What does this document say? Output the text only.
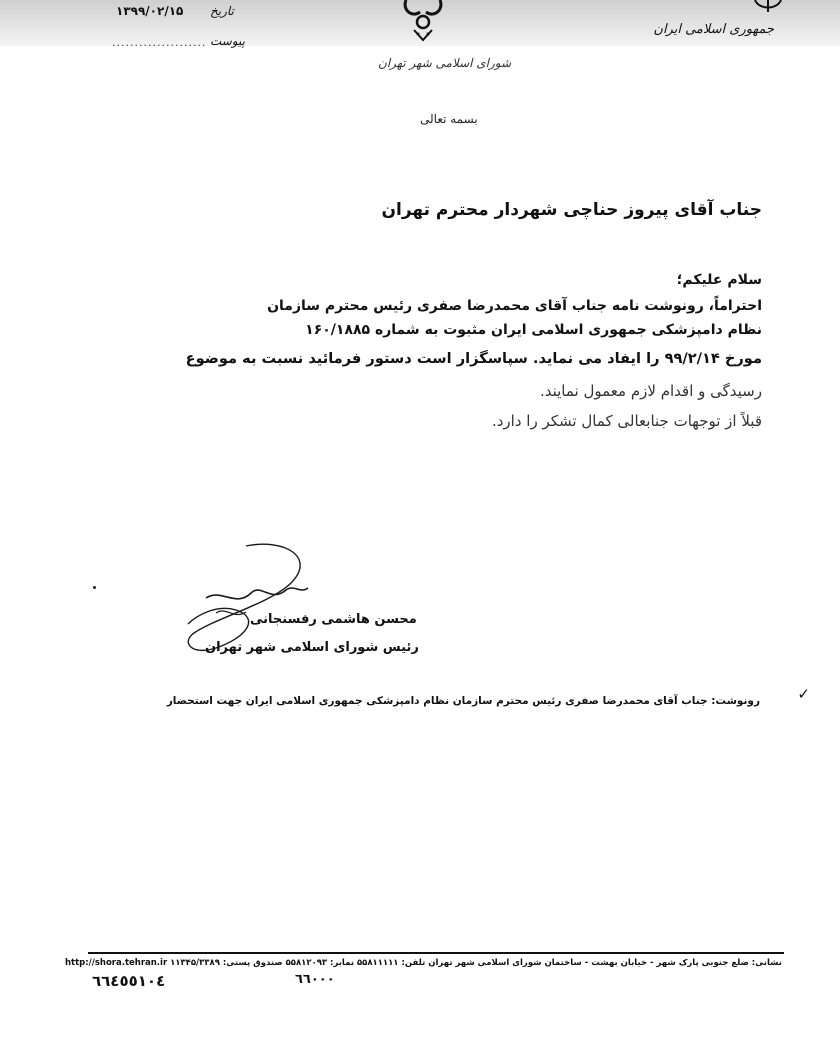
جمهوری اسلامی ایران
شورای اسلامی شهر تهران
تاریخ
۱۳۹۹/۰۲/۱۵
پیوست
.....................
بسمه تعالی
جناب آقای پیروز حناچی شهردار محترم تهران
سلام علیکم؛
احتراماً، رونوشت نامه جناب آقای محمدرضا صفری رئیس محترم سازمان
نظام دامپزشکی جمهوری اسلامی ایران مثبوت به شماره ۱۶۰/۱۸۸۵
مورخ ۹۹/۲/۱۴ را ایفاد می نماید. سپاسگزار است دستور فرمائید نسبت به موضوع
رسیدگی و اقدام لازم معمول نمایند.
قبلاً از توجهات جنابعالی کمال تشکر را دارد.
محسن هاشمی رفسنجانی
رئیس شورای اسلامی شهر تهران
✓
رونوشت: جناب آقای محمدرضا صفری رئیس محترم سازمان نظام دامپزشکی جمهوری اسلامی ایران جهت استحضار
نشانی: ضلع جنوبی پارک شهر - خیابان بهشت - ساختمان شورای اسلامی شهر تهران تلفن: ۵۵۸۱۱۱۱۱ نمابر: ۵۵۸۱۲۰۹۳ صندوق پستی: ۱۱۳۴۵/۳۳۸۹ http://shora.tehran.ir
٦٦٤٥٥١٠٤	٦٦٠٠٠
